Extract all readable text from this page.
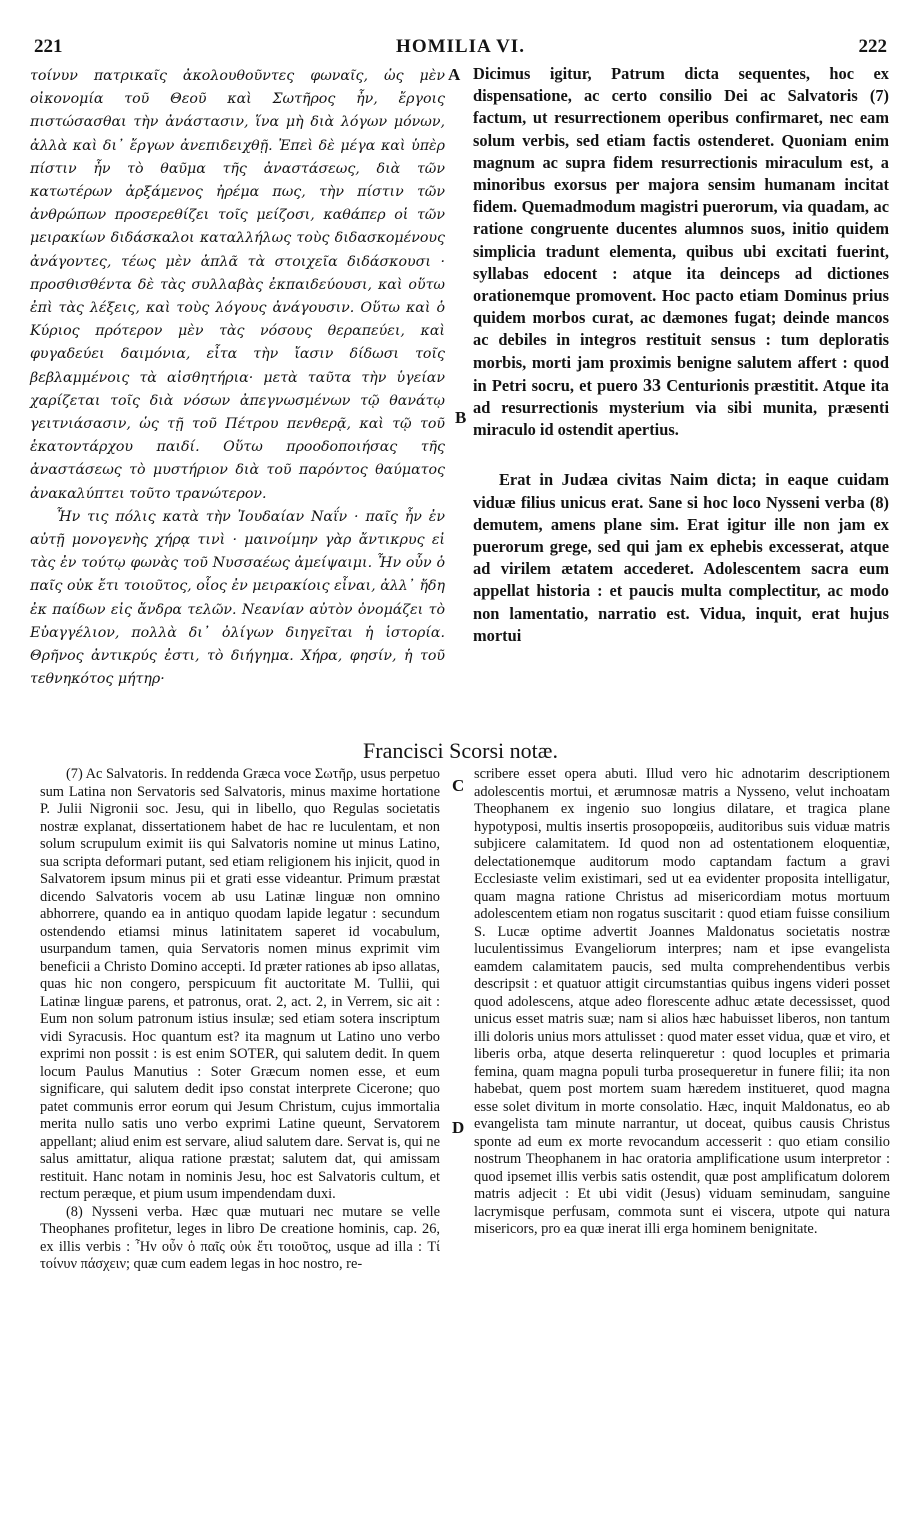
221	HOMILIA VI.	222
A
B
C
D

τοίνυν πατρικαῖς ἀκολουθοῦντες φωναῖς, ὡς μὲν οἰκονομία τοῦ Θεοῦ καὶ Σωτῆρος ἦν, ἔργοις πιστώσασθαι τὴν ἀνάστασιν, ἵνα μὴ διὰ λόγων μόνων, ἀλλὰ καὶ δι᾽ ἔργων ἀνεπιδειχθῇ. Ἐπεὶ δὲ μέγα καὶ ὑπὲρ πίστιν ἦν τὸ θαῦμα τῆς ἀναστάσεως, διὰ τῶν κατωτέρων ἀρξάμενος ἠρέμα πως, τὴν πίστιν τῶν ἀνθρώπων προσερεθίζει τοῖς μείζοσι, καθάπερ οἱ τῶν μειρακίων διδάσκαλοι καταλλήλως τοὺς διδασκομένους ἀνάγοντες, τέως μὲν ἁπλᾶ τὰ στοιχεῖα διδάσκουσι · προσθισθέντα δὲ τὰς συλλαβὰς ἐκπαιδεύουσι, καὶ οὕτω ἐπὶ τὰς λέξεις, καὶ τοὺς λόγους ἀνάγουσιν. Οὕτω καὶ ὁ Κύριος πρότερον μὲν τὰς νόσους θεραπεύει, καὶ φυγαδεύει δαιμόνια, εἶτα τὴν ἴασιν δίδωσι τοῖς βεβλαμμένοις τὰ αἰσθητήρια· μετὰ ταῦτα τὴν ὑγείαν χαρίζεται τοῖς διὰ νόσων ἀπεγνωσμένων τῷ θανάτῳ γειτνιάσασιν, ὡς τῇ τοῦ Πέτρου πενθερᾷ, καὶ τῷ τοῦ ἑκατοντάρχου παιδί. Οὕτω προοδοποιήσας τῆς ἀναστάσεως τὸ μυστήριον διὰ τοῦ παρόντος θαύματος ἀνακαλύπτει τοῦτο τρανώτερον.

Ἦν τις πόλις κατὰ τὴν Ἰουδαίαν Ναΐν · παῖς ἦν ἐν αὐτῇ μονογενὴς χήρᾳ τινὶ · μαινοίμην γὰρ ἄντικρυς εἰ τὰς ἐν τούτῳ φωνὰς τοῦ Νυσσαέως ἀμείψαιμι. Ἦν οὖν ὁ παῖς οὐκ ἔτι τοιοῦτος, οἷος ἐν μειρακίοις εἶναι, ἀλλ᾽ ἤδη ἐκ παίδων εἰς ἄνδρα τελῶν. Νεανίαν αὐτὸν ὀνομάζει τὸ Εὐαγγέλιον, πολλὰ δι᾽ ὀλίγων διηγεῖται ἡ ἱστορία. Θρῆνος ἀντικρύς ἐστι, τὸ διήγημα. Χήρα, φησίν, ἡ τοῦ τεθνηκότος μήτηρ·

Dicimus igitur, Patrum dicta sequentes, hoc ex dispensatione, ac certo consilio Dei ac Salvatoris (7) factum, ut resurrectionem operibus confirmaret, nec eam solum verbis, sed etiam factis ostenderet. Quoniam enim magnum ac supra fidem resurrectionis miraculum est, a minoribus exorsus per majora sensim humanam incitat fidem. Quemadmodum magistri puerorum, via quadam, ac ratione congruente ducentes alumnos suos, initio quidem simplicia tradunt elementa, quibus ubi excitati fuerint, syllabas edocent : atque ita deinceps ad dictiones orationemque promovent. Hoc pacto etiam Dominus prius quidem morbos curat, ac dæmones fugat; deinde mancos ac debiles in integros restituit sensus : tum deploratis morbis, morti jam proximis benigne salutem affert : quod in Petri socru, et puero 33 Centurionis præstitit. Atque ita ad resurrectionis mysterium via sibi munita, præsenti miraculo id ostendit apertius.

Erat in Judæa civitas Naim dicta; in eaque cuidam viduæ filius unicus erat. Sane si hoc loco Nysseni verba (8) demutem, amens plane sim. Erat igitur ille non jam ex puerorum grege, sed qui jam ex ephebis excesserat, atque ad virilem ætatem accederet. Adolescentem sacra eum appellat historia : et paucis multa complectitur, ac modo non lamentatio, narratio est. Vidua, inquit, erat hujus mortui

Francisci Scorsi notæ.

(7) Ac Salvatoris. In reddenda Græca voce Σωτῆρ, usus perpetuo sum Latina non Servatoris sed Salvatoris, minus maxime hortatione P. Julii Nigronii soc. Jesu, qui in libello, quo Regulas societatis nostræ explanat, dissertationem habet de hac re luculentam, et non solum scrupulum eximit iis qui Salvatoris nomine ut minus Latino, sua scripta deformari putant, sed etiam religionem his injicit, quod in Salvatorem ipsum minus pii et grati esse videantur. Primum præstat dicendo Salvatoris vocem ab usu Latinæ linguæ non omnino abhorrere, quando ea in antiquo quodam lapide legatur : secundum ostendendo etiamsi minus latinitatem saperet id vocabulum, usurpandum tamen, quia Servatoris nomen minus exprimit vim beneficii a Christo Domino accepti. Id præter rationes ab ipso allatas, quas hic non congero, perspicuum fit auctoritate M. Tullii, qui Latinæ linguæ parens, et patronus, orat. 2, act. 2, in Verrem, sic ait : Eum non solum patronum istius insulæ; sed etiam sotera inscriptum vidi Syracusis. Hoc quantum est? ita magnum ut Latino uno verbo exprimi non possit : is est enim SOTER, qui salutem dedit. In quem locum Paulus Manutius : Soter Græcum nomen esse, et eum significare, qui salutem dedit ipso constat interprete Cicerone; quo patet communis error eorum qui Jesum Christum, cujus immortalia merita nullo satis uno verbo exprimi Latine queunt, Servatorem appellant; aliud enim est servare, aliud salutem dare. Servat is, qui ne salus amittatur, aliqua ratione præstat; salutem dat, qui amissam restituit. Hanc notam in nominis Jesu, hoc est Salvatoris cultum, et rectum peræque, et pium usum impendendam duxi.

(8) Nysseni verba. Hæc quæ mutuari nec mutare se velle Theophanes profitetur, leges in libro De creatione hominis, cap. 26, ex illis verbis : Ἦν οὖν ὁ παῖς οὐκ ἔτι τοιοῦτος, usque ad illa : Τί τοίνυν πάσχειν; quæ cum eadem legas in hoc nostro, re-

scribere esset opera abuti. Illud vero hic adnotarim descriptionem adolescentis mortui, et ærumnosæ matris a Nysseno, velut inchoatam Theophanem ex ingenio suo longius dilatare, et tragica plane hypotyposi, multis insertis prosopopœiis, auditoribus suis viduæ matris subjicere calamitatem. Id quod non ad ostentationem eloquentiæ, delectationemque auditorum modo captandam factum a gravi Ecclesiaste velim existimari, sed ut ea evidenter proposita intelligatur, quam magna ratione Christus ad misericordiam motus mortuum adolescentem etiam non rogatus suscitarit : quod etiam fuisse consilium S. Lucæ optime advertit Joannes Maldonatus societatis nostræ luculentissimus Evangeliorum interpres; nam et ipse evangelista eamdem calamitatem paucis, sed multa comprehendentibus verbis descripsit : et quatuor attigit circumstantias quibus ingens videri posset quod adolescens, atque adeo florescente adhuc ætate decessisset, quod unicus esset matris suæ; nam si alios hæc habuisset liberos, non tantum illi doloris unius mors attulisset : quod mater esset vidua, quæ et viro, et liberis orba, atque deserta relinqueretur : quod locuples et primaria femina, quam magna populi turba prosequeretur in funere filii; ita non habebat, quem post mortem suam hæredem institueret, quod magna esse solet divitum in morte consolatio. Hæc, inquit Maldonatus, eo ab evangelista tam minute narrantur, ut doceat, quibus causis Christus sponte ad eum ex morte revocandum accesserit : quo etiam consilio nostrum Theophanem in hac oratoria amplificatione usum interpretor : quod ipsemet illis verbis satis ostendit, quæ post amplificatum dolorem matris adjecit : Et ubi vidit (Jesus) viduam seminudam, sanguine lacrymisque perfusam, commota sunt ei viscera, utpote qui natura misericors, pro ea quæ inerat illi erga hominem benignitate.
